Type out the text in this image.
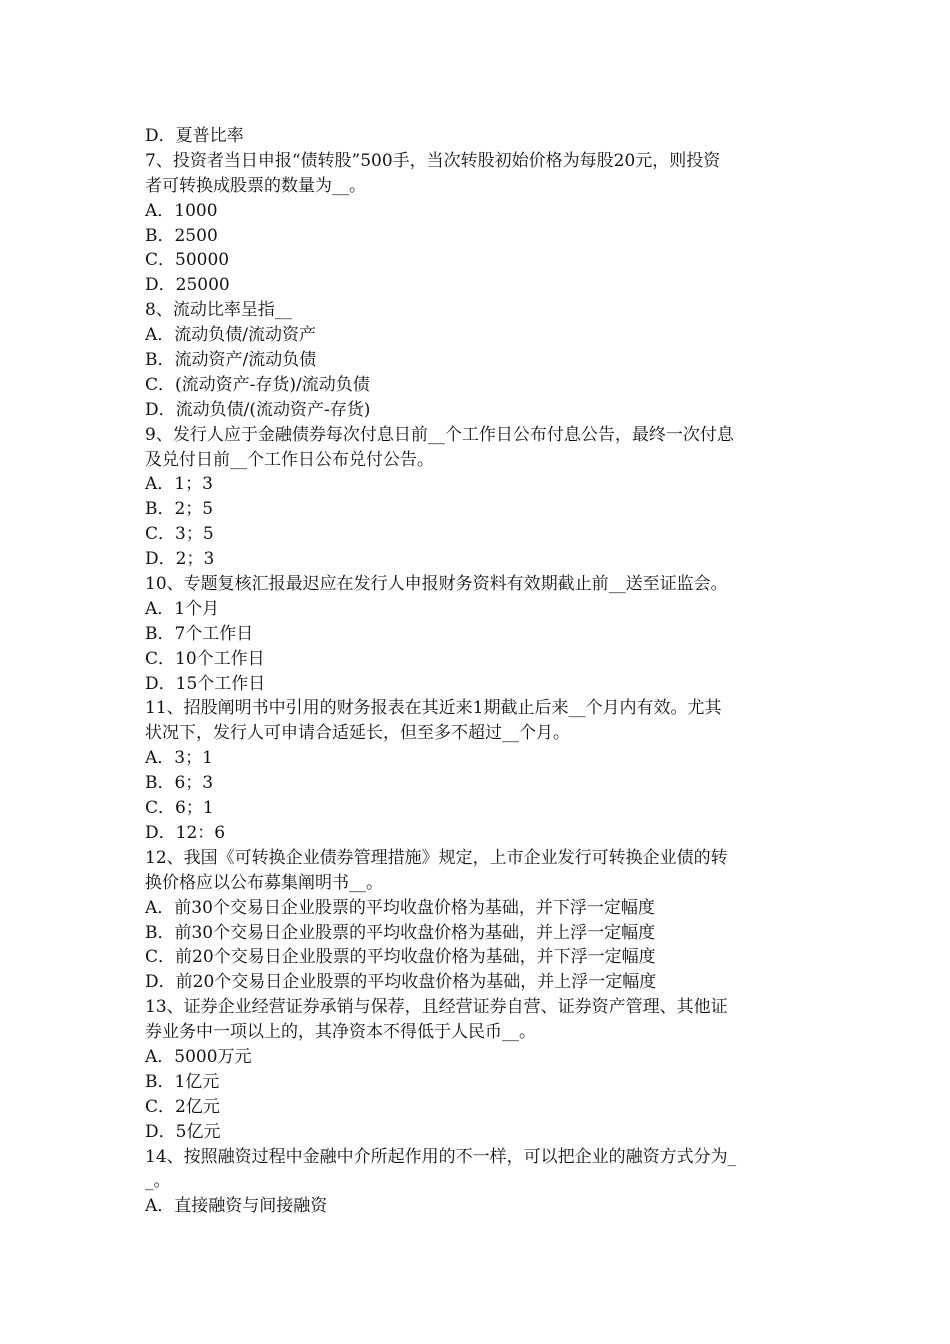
D．夏普比率
7、投资者当日申报“债转股”500手，当次转股初始价格为每股20元，则投资
者可转换成股票的数量为__。
A．1000
B．2500
C．50000
D．25000
8、流动比率呈指__
A．流动负债/流动资产
B．流动资产/流动负债
C．(流动资产-存货)/流动负债
D．流动负债/(流动资产-存货)
9、发行人应于金融债券每次付息日前__个工作日公布付息公告，最终一次付息
及兑付日前__个工作日公布兑付公告。
A．1；3
B．2；5
C．3；5
D．2；3
10、专题复核汇报最迟应在发行人申报财务资料有效期截止前__送至证监会。
A．1个月
B．7个工作日
C．10个工作日
D．15个工作日
11、招股阐明书中引用的财务报表在其近来1期截止后来__个月内有效。尤其
状况下，发行人可申请合适延长，但至多不超过__个月。
A．3；1
B．6；3
C．6；1
D．12：6
12、我国《可转换企业债券管理措施》规定，上市企业发行可转换企业债的转
换价格应以公布募集阐明书__。
A．前30个交易日企业股票的平均收盘价格为基础，并下浮一定幅度
B．前30个交易日企业股票的平均收盘价格为基础，并上浮一定幅度
C．前20个交易日企业股票的平均收盘价格为基础，并下浮一定幅度
D．前20个交易日企业股票的平均收盘价格为基础，并上浮一定幅度
13、证券企业经营证券承销与保荐，且经营证券自营、证券资产管理、其他证
券业务中一项以上的，其净资本不得低于人民币__。
A．5000万元
B．1亿元
C．2亿元
D．5亿元
14、按照融资过程中金融中介所起作用的不一样，可以把企业的融资方式分为_
_。
A．直接融资与间接融资
